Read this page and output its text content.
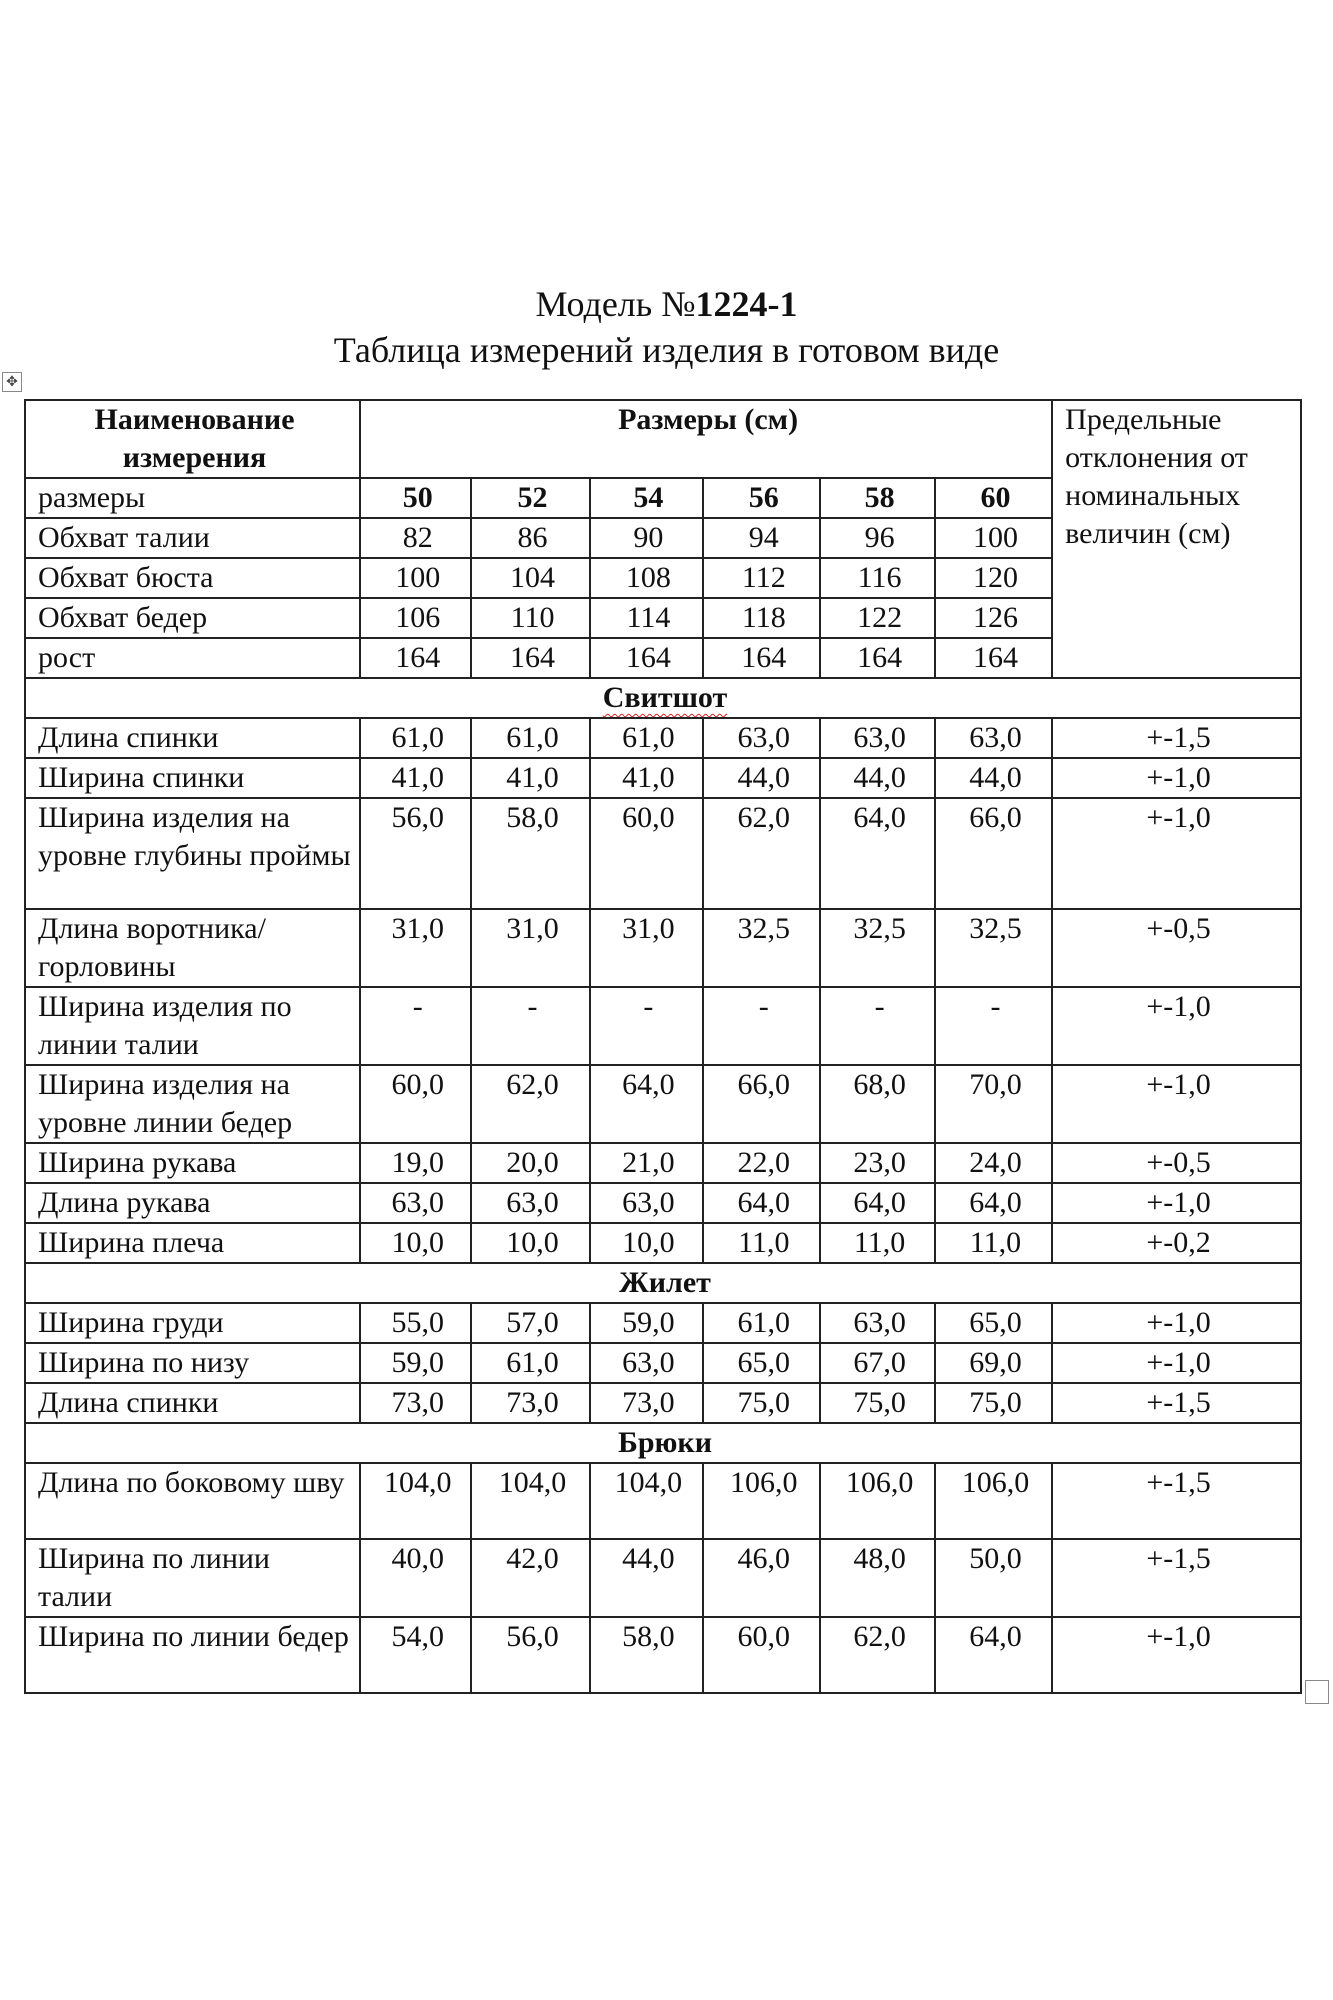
Модель №1224-1
Таблица измерений изделия в готовом виде
✥
Наименование измерения	Размеры (см)						Предельные отклонения от номинальных величин (см)
размеры	50	52	54	56	58	60	
Обхват талии	82	86	90	94	96	100	
Обхват бюста	100	104	108	112	116	120	
Обхват бедер	106	110	114	118	122	126	
рост	164	164	164	164	164	164	
Свитшот							
Длина спинки	61,0	61,0	61,0	63,0	63,0	63,0	+-1,5
Ширина спинки	41,0	41,0	41,0	44,0	44,0	44,0	+-1,0
Ширина изделия на уровне глубины проймы	56,0	58,0	60,0	62,0	64,0	66,0	+-1,0
Длина воротника/горловины	31,0	31,0	31,0	32,5	32,5	32,5	+-0,5
Ширина изделия по линии талии	-	-	-	-	-	-	+-1,0
Ширина изделия на уровне линии бедер	60,0	62,0	64,0	66,0	68,0	70,0	+-1,0
Ширина рукава	19,0	20,0	21,0	22,0	23,0	24,0	+-0,5
Длина рукава	63,0	63,0	63,0	64,0	64,0	64,0	+-1,0
Ширина плеча	10,0	10,0	10,0	11,0	11,0	11,0	+-0,2
Жилет							
Ширина груди	55,0	57,0	59,0	61,0	63,0	65,0	+-1,0
Ширина по низу	59,0	61,0	63,0	65,0	67,0	69,0	+-1,0
Длина спинки	73,0	73,0	73,0	75,0	75,0	75,0	+-1,5
Брюки							
Длина по боковому шву	104,0	104,0	104,0	106,0	106,0	106,0	+-1,5
Ширина по линии талии	40,0	42,0	44,0	46,0	48,0	50,0	+-1,5
Ширина по линии бедер	54,0	56,0	58,0	60,0	62,0	64,0	+-1,0
